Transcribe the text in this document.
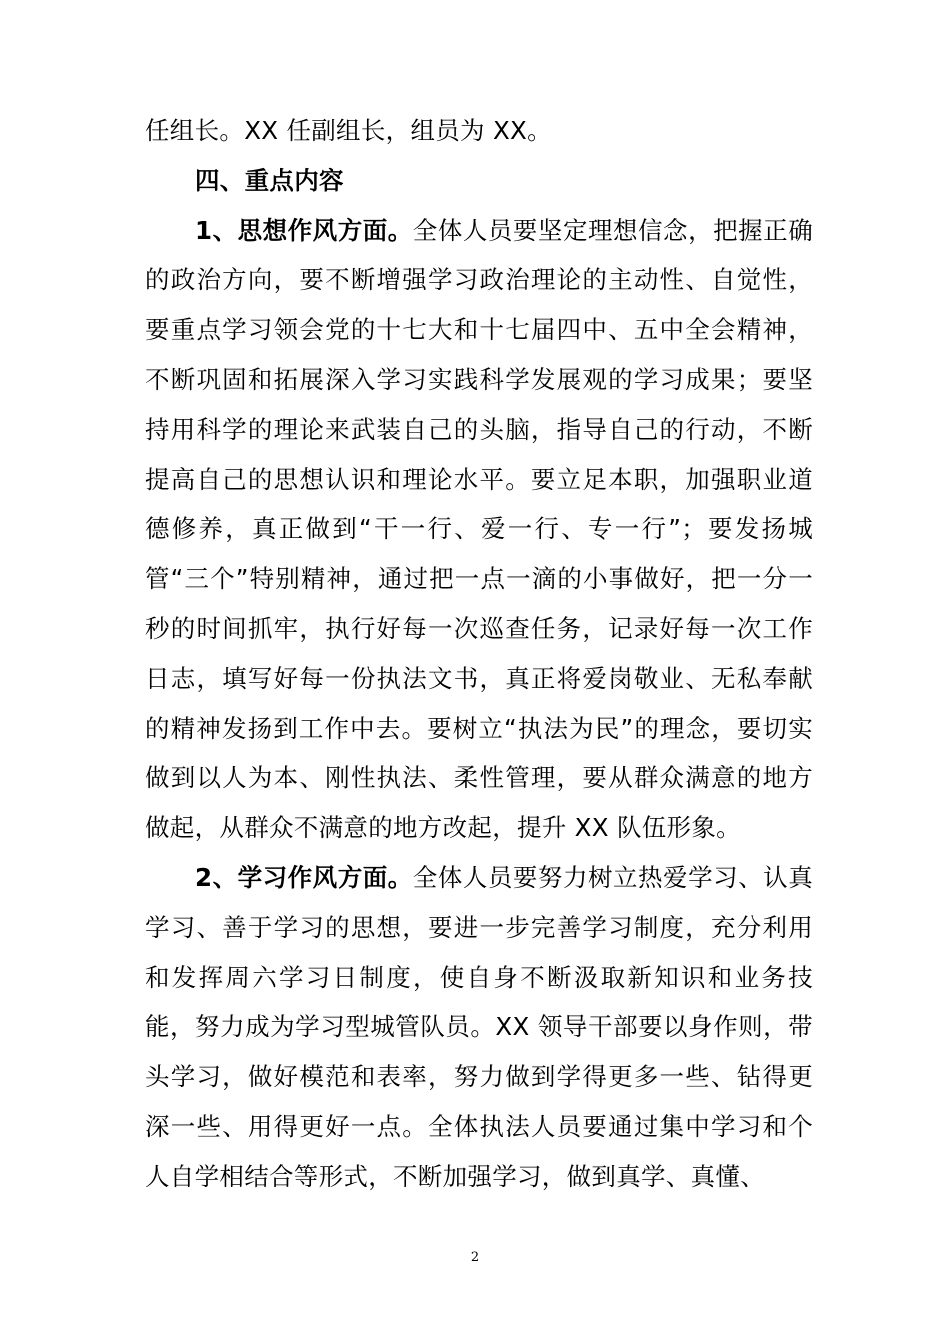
任组长。XX 任副组长，组员为 XX。

四、重点内容

1、思想作风方面。全体人员要坚定理想信念，把握正确的政治方向，要不断增强学习政治理论的主动性、自觉性，要重点学习领会党的十七大和十七届四中、五中全会精神，不断巩固和拓展深入学习实践科学发展观的学习成果；要坚持用科学的理论来武装自己的头脑，指导自己的行动，不断提高自己的思想认识和理论水平。要立足本职，加强职业道德修养，真正做到“干一行、爱一行、专一行”；要发扬城管“三个”特别精神，通过把一点一滴的小事做好，把一分一秒的时间抓牢，执行好每一次巡查任务，记录好每一次工作日志，填写好每一份执法文书，真正将爱岗敬业、无私奉献的精神发扬到工作中去。要树立“执法为民”的理念，要切实做到以人为本、刚性执法、柔性管理，要从群众满意的地方做起，从群众不满意的地方改起，提升 XX 队伍形象。

2、学习作风方面。全体人员要努力树立热爱学习、认真学习、善于学习的思想，要进一步完善学习制度，充分利用和发挥周六学习日制度，使自身不断汲取新知识和业务技能，努力成为学习型城管队员。XX 领导干部要以身作则，带头学习，做好模范和表率，努力做到学得更多一些、钻得更深一些、用得更好一点。全体执法人员要通过集中学习和个人自学相结合等形式，不断加强学习，做到真学、真懂、

2
